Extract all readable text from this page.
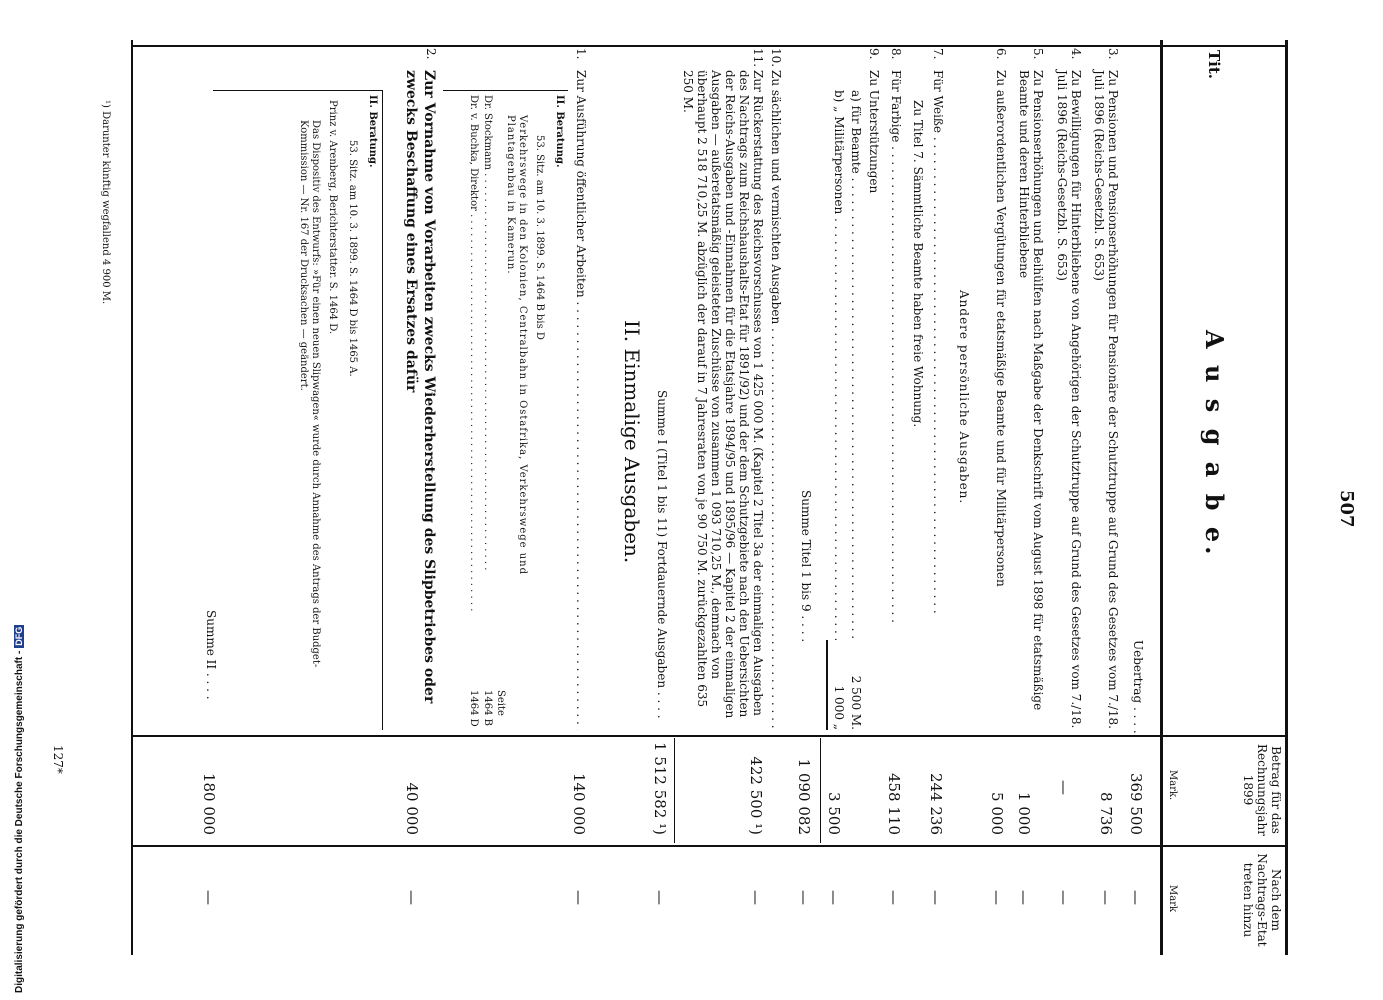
507
Tit.
A u s g a b e.
Betrag für das Rechnungsjahr 1899
Mark.
Nach dem Nachtrags-Etat treten hinzu
Mark
Uebertrag . . . .
369 500
—
3.
Zu Pensionen und Pensionserhöhungen für Pensionäre der Schutztruppe auf Grund des Gesetzes vom 7./18. Juli 1896 (Reichs-Gesetzbl. S. 653)
4.
Zu Bewilligungen für Hinterbliebene von Angehörigen der Schutztruppe auf Grund des Gesetzes vom 7./18. Juli 1896 (Reichs-Gesetzbl. S. 653)
8 736
—
—
—
5.
Zu Pensionserhöhungen und Beihülfen nach Maßgabe der Denkschrift vom August 1898 für etatsmäßige Beamte und deren Hinterbliebene
1 000
—
6.
Zu außerordentlichen Vergütungen für etatsmäßige Beamte und für Militärpersonen
5 000
—
Andere persönliche Ausgaben.
7.
Für Weiße . . .
244 236
—
Zu Titel 7. Sämmtliche Beamte haben freie Wohnung.
8.
Für Farbige . . .
458 110
—
9.
Zu Unterstützungen
a) für Beamte . . .
2 500 M.
b) „ Militärpersonen . . .
1 000 „
3 500
—
Summe Titel 1 bis 9 . . . .
1 090 082
—
10.
Zu sächlichen und vermischten Ausgaben . . .
11.
Zur Rückerstattung des Reichsvorschusses von 1 425 000 M. (Kapitel 2 Titel 3a der einmaligen Ausgaben des Nachtrags zum Reichshaushalts-Etat für 1891/92) und der dem Schutzgebiete nach den Uebersichten der Reichs-Ausgaben und -Einnahmen für die Etatsjahre 1894/95 und 1895/96 — Kapitel 2 der einmaligen Ausgaben — außeretatsmäßig geleisteten Zuschüsse von zusammen 1 093 710,25 M., demnach von überhaupt 2 518 710,25 M. abzüglich der darauf in 7 Jahresraten von je 90 750 M. zurückgezahlten 635 250 M.
422 500 ¹)
—
Summe I (Titel 1 bis 11) Fortdauernde Ausgaben . . . .
1 512 582 ¹)
—
II. Einmalige Ausgaben.
1.
Zur Ausführung öffentlicher Arbeiten . . .
140 000
—
II. Beratung.
53. Sitz. am 10. 3. 1899. S. 1464 B bis D
Verkehrswege in den Kolonien, Centralbahn in Ostafrika, Verkehrswege und Plantagenbau in Kamerun.
Seite
Dr. Stockmann . . .
1464 B
Dr. v. Buchka, Direktor . . .
1464 D
2.
Zur Vornahme von Vorarbeiten zwecks Wiederherstellung des Slipbetriebes oder zwecks Beschaffung eines Ersatzes dafür
40 000
—
II. Beratung.
53. Sitz. am 10. 3. 1899. S. 1464 D bis 1465 A.
Prinz v. Arenberg, Berichterstatter. S. 1464 D.
Das Dispositiv des Entwurfs: »Für einen neuen Slipwagen« wurde durch Annahme des Antrags der Budget-Kommission — Nr. 167 der Drucksachen — geändert.
Summe II . . . .
180 000
—
¹) Darunter künftig wegfallend 4 900 M.
127*
Digitalisierung gefördert durch die Deutsche Forschungsgemeinschaft -DFG
